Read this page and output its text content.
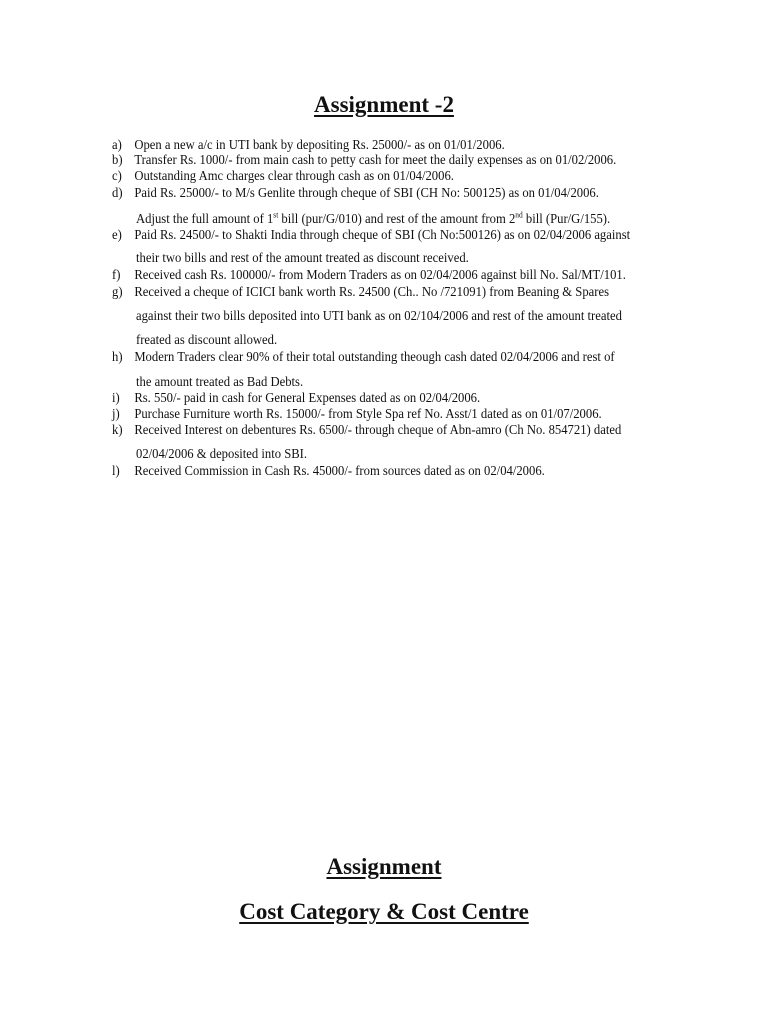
Assignment -2
a) Open a new a/c in UTI bank by depositing Rs. 25000/- as on 01/01/2006.
b) Transfer Rs. 1000/- from main cash to petty cash for meet the daily expenses as on 01/02/2006.
c) Outstanding Amc charges clear through cash as on 01/04/2006.
d) Paid Rs. 25000/- to M/s Genlite through cheque of SBI (CH No: 500125) as on 01/04/2006.
Adjust the full amount of 1st bill (pur/G/010) and rest of the amount from 2nd bill (Pur/G/155).
e) Paid Rs. 24500/- to Shakti India through cheque of SBI (Ch No:500126) as on 02/04/2006 against
their two bills and rest of the amount treated as discount received.
f) Received cash Rs. 100000/- from Modern Traders as on 02/04/2006 against bill No. Sal/MT/101.
g) Received a cheque of ICICI bank worth Rs. 24500 (Ch.. No /721091) from Beaning & Spares
against their two bills deposited into UTI bank as on 02/104/2006 and rest of the amount treated
freated as discount allowed.
h) Modern Traders clear 90% of their total outstanding theough cash dated 02/04/2006 and rest of
the amount treated as Bad Debts.
i) Rs. 550/- paid in cash for General Expenses dated as on 02/04/2006.
j) Purchase Furniture worth Rs. 15000/- from Style Spa ref No. Asst/1 dated as on 01/07/2006.
k) Received Interest on debentures Rs. 6500/- through cheque of Abn-amro (Ch No. 854721) dated
02/04/2006 & deposited into SBI.
l) Received Commission in Cash Rs. 45000/- from sources dated as on 02/04/2006.
Assignment
Cost Category & Cost Centre
